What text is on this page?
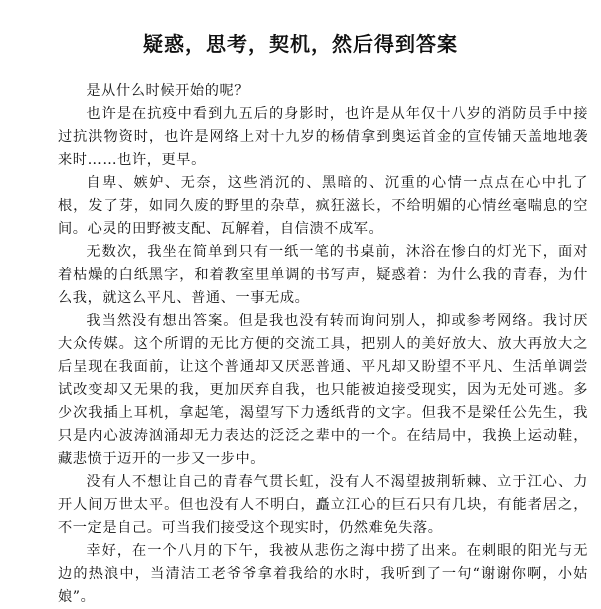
疑惑，思考，契机，然后得到答案

是从什么时候开始的呢？

也许是在抗疫中看到九五后的身影时，也许是从年仅十八岁的消防员手中接过抗洪物资时，也许是网络上对十九岁的杨倩拿到奥运首金的宣传铺天盖地地袭来时……也许，更早。

自卑、嫉妒、无奈，这些消沉的、黑暗的、沉重的心情一点点在心中扎了根，发了芽，如同久废的野里的杂草，疯狂滋长，不给明媚的心情丝毫喘息的空间。心灵的田野被支配、瓦解着，自信溃不成军。

无数次，我坐在简单到只有一纸一笔的书桌前，沐浴在惨白的灯光下，面对着枯燥的白纸黑字，和着教室里单调的书写声，疑惑着：为什么我的青春，为什么我，就这么平凡、普通、一事无成。

我当然没有想出答案。但是我也没有转而询问别人，抑或参考网络。我讨厌大众传媒。这个所谓的无比方便的交流工具，把别人的美好放大、放大再放大之后呈现在我面前，让这个普通却又厌恶普通、平凡却又盼望不平凡、生活单调尝试改变却又无果的我，更加厌弃自我，也只能被迫接受现实，因为无处可逃。多少次我插上耳机，拿起笔，渴望写下力透纸背的文字。但我不是梁任公先生，我只是内心波涛汹涌却无力表达的泛泛之辈中的一个。在结局中，我换上运动鞋，藏悲愤于迈开的一步又一步中。

没有人不想让自己的青春气贯长虹，没有人不渴望披荆斩棘、立于江心、力开人间万世太平。但也没有人不明白，矗立江心的巨石只有几块，有能者居之，不一定是自己。可当我们接受这个现实时，仍然难免失落。

幸好，在一个八月的下午，我被从悲伤之海中捞了出来。在刺眼的阳光与无边的热浪中，当清洁工老爷爷拿着我给的水时，我听到了一句“谢谢你啊，小姑娘”。
